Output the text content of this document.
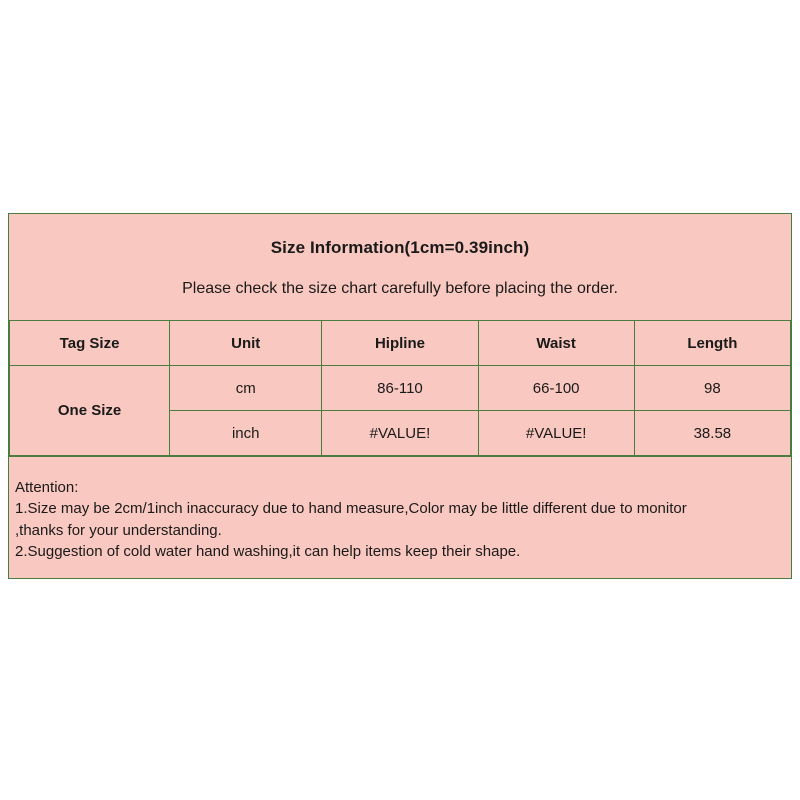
Size Information(1cm=0.39inch)
Please check the size chart carefully before placing the order.
Tag Size	Unit	Hipline	Waist	Length
One Size	cm	86-110	66-100	98
	inch	#VALUE!	#VALUE!	38.58
Attention:
1.Size may be 2cm/1inch inaccuracy due to hand measure,Color may be little different due to monitor
,thanks for your understanding.
2.Suggestion of cold water hand washing,it can help items keep their shape.
